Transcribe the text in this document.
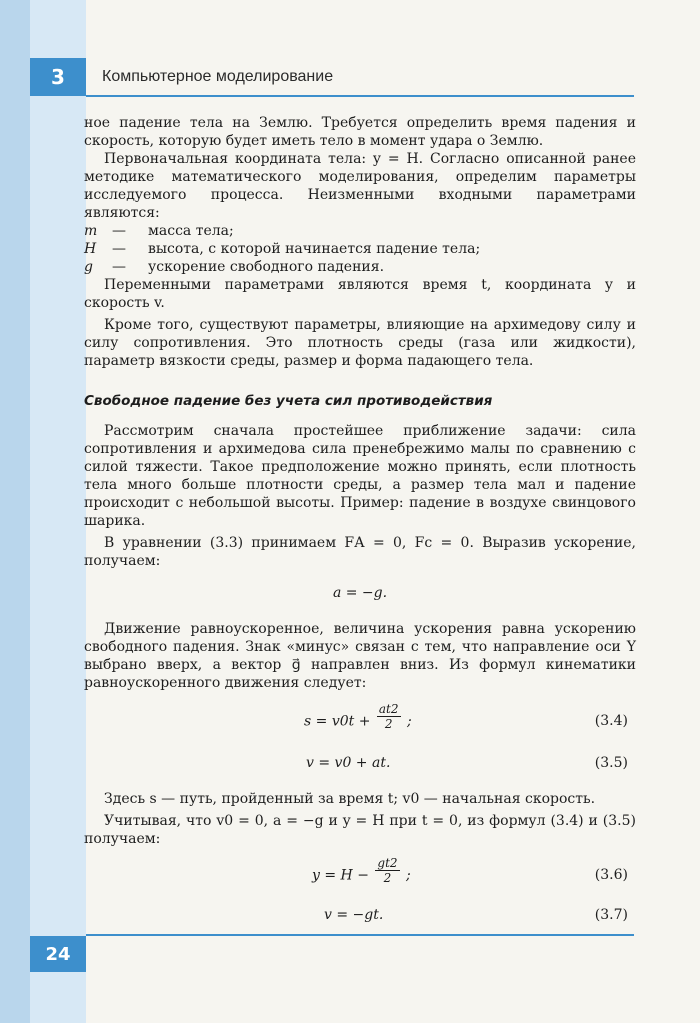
3	Компьютерное моделирование

ное падение тела на Землю. Требуется определить время падения и скорость, которую будет иметь тело в момент удара о Землю.

Первоначальная координата тела: y = H. Согласно описанной ранее методике математического моделирования, определим параметры исследуемого процесса. Неизменными входными параметрами являются:

m	—	масса тела;
H	—	высота, с которой начинается падение тела;
g	—	ускорение свободного падения.

Переменными параметрами являются время t, координата y и скорость v.

Кроме того, существуют параметры, влияющие на архимедову силу и силу сопротивления. Это плотность среды (газа или жидкости), параметр вязкости среды, размер и форма падающего тела.

Свободное падение без учета сил противодействия

Рассмотрим сначала простейшее приближение задачи: сила сопротивления и архимедова сила пренебрежимо малы по сравнению с силой тяжести. Такое предположение можно принять, если плотность тела много больше плотности среды, а размер тела мал и падение происходит с небольшой высоты. Пример: падение в воздухе свинцового шарика.

В уравнении (3.3) принимаем FА = 0, Fс = 0. Выразив ускорение, получаем:

a = −g.

Движение равноускоренное, величина ускорения равна ускорению свободного падения. Знак «минус» связан с тем, что направление оси Y выбрано вверх, а вектор g⃗ направлен вниз. Из формул кинематики равноускоренного движения следует:

$s = v0t + \frac{at2}{2}$ ;	(3.4)
v = v0 + at.	(3.5)

Здесь s — путь, пройденный за время t; v0 — начальная скорость.

Учитывая, что v0 = 0, a = −g и y = H при t = 0, из формул (3.4) и (3.5) получаем:

$y = H - \frac{gt2}{2}$ ;	(3.6)
v = −gt.	(3.7)
24
